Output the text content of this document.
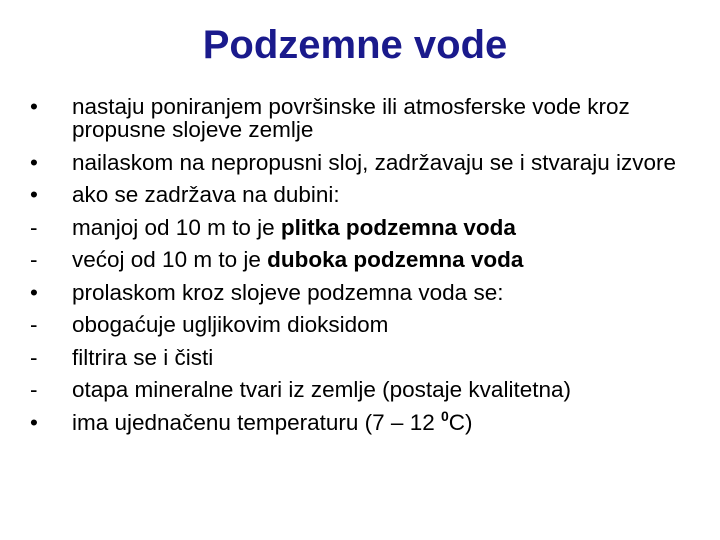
Podzemne vode
•	nastaju poniranjem površinske ili atmosferske vode kroz propusne slojeve zemlje
•	nailaskom na nepropusni sloj, zadržavaju se i stvaraju izvore
•	ako se zadržava na dubini:
-	manjoj od 10 m to je plitka podzemna voda
-	većoj od 10 m to je duboka podzemna voda
•	prolaskom kroz slojeve podzemna voda se:
-	obogaćuje ugljikovim dioksidom
-	filtrira se i čisti
-	otapa mineralne tvari iz zemlje (postaje kvalitetna)
•	ima ujednačenu temperaturu (7 – 12 $^0$C)
